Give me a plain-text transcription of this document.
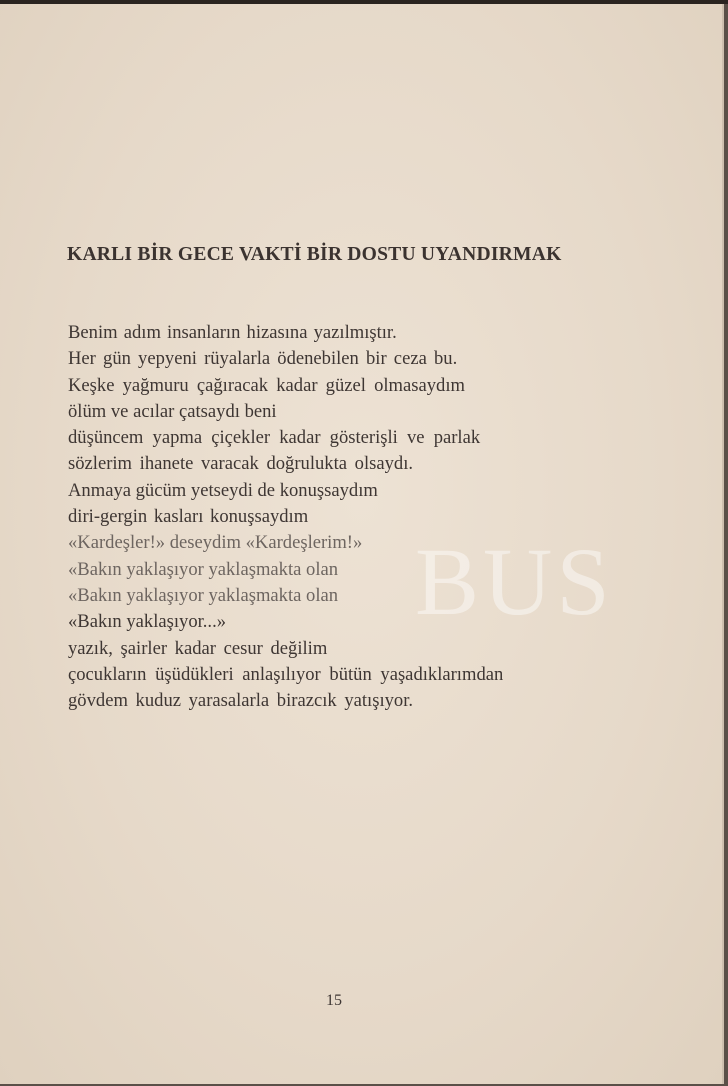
KARLI BİR GECE VAKTİ BİR DOSTU UYANDIRMAK
Benim adım insanların hizasına yazılmıştır.
Her gün yepyeni rüyalarla ödenebilen bir ceza bu.
Keşke yağmuru çağıracak kadar güzel olmasaydım
ölüm ve acılar çatsaydı beni
düşüncem yapma çiçekler kadar gösterişli ve parlak
sözlerim ihanete varacak doğrulukta olsaydı.
Anmaya gücüm yetseydi de konuşsaydım
diri-gergin kasları konuşsaydım
«Kardeşler!» deseydim «Kardeşlerim!»
«Bakın yaklaşıyor yaklaşmakta olan
«Bakın yaklaşıyor yaklaşmakta olan
«Bakın yaklaşıyor...»
yazık, şairler kadar cesur değilim
çocukların üşüdükleri anlaşılıyor bütün yaşadıklarımdan
gövdem kuduz yarasalarla birazcık yatışıyor.
BUS

15
